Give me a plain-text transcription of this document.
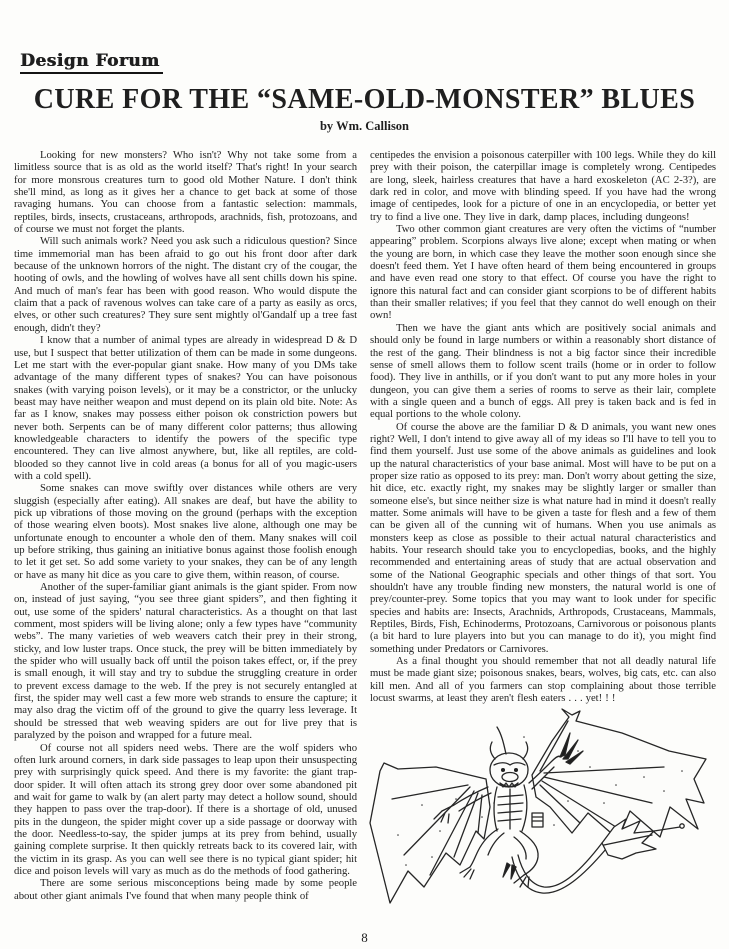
Design Forum
CURE FOR THE “SAME-OLD-MONSTER” BLUES
by Wm. Callison

Looking for new monsters? Who isn't? Why not take some from a limitless source that is as old as the world itself? That's right! In your search for more monsrous creatures turn to good old Mother Nature. I don't think she'll mind, as long as it gives her a chance to get back at some of those ravaging humans. You can choose from a fantastic selection: mammals, reptiles, birds, insects, crustaceans, arthropods, arachnids, fish, protozoans, and of course we must not forget the plants.

Will such animals work? Need you ask such a ridiculous question? Since time immemorial man has been afraid to go out his front door after dark because of the unknown horrors of the night. The distant cry of the cougar, the hooting of owls, and the howling of wolves have all sent chills down his spine. And much of man's fear has been with good reason. Who would dispute the claim that a pack of ravenous wolves can take care of a party as easily as orcs, elves, or other such creatures? They sure sent mightly ol'Gandalf up a tree fast enough, didn't they?

I know that a number of animal types are already in widespread D & D use, but I suspect that better utilization of them can be made in some dungeons. Let me start with the ever-popular giant snake. How many of you DMs take advantage of the many different types of snakes? You can have poisonous snakes (with varying poison levels), or it may be a constrictor, or the unlucky beast may have neither weapon and must depend on its plain old bite. Note: As far as I know, snakes may possess either poison ok constriction powers but never both. Serpents can be of many different color patterns; thus allowing knowledgeable characters to identify the powers of the specific type encountered. They can live almost anywhere, but, like all reptiles, are cold-blooded so they cannot live in cold areas (a bonus for all of you magic-users with a cold spell).

Some snakes can move swiftly over distances while others are very sluggish (especially after eating). All snakes are deaf, but have the ability to pick up vibrations of those moving on the ground (perhaps with the exception of those wearing elven boots). Most snakes live alone, although one may be unfortunate enough to encounter a whole den of them. Many snakes will coil up before striking, thus gaining an initiative bonus against those foolish enough to let it get set. So add some variety to your snakes, they can be of any length or have as many hit dice as you care to give them, within reason, of course.

Another of the super-familiar giant animals is the giant spider. From now on, instead of just saying, “you see three giant spiders”, and then fighting it out, use some of the spiders' natural characteristics. As a thought on that last comment, most spiders will be living alone; only a few types have “community webs”. The many varieties of web weavers catch their prey in their strong, sticky, and low luster traps. Once stuck, the prey will be bitten immediately by the spider who will usually back off until the poison takes effect, or, if the prey is small enough, it will stay and try to subdue the struggling creature in order to prevent excess damage to the web. If the prey is not securely entangled at first, the spider may well cast a few more web strands to ensure the capture; it may also drag the victim off of the ground to give the quarry less leverage. It should be stressed that web weaving spiders are out for live prey that is paralyzed by the poison and wrapped for a future meal.

Of course not all spiders need webs. There are the wolf spiders who often lurk around corners, in dark side passages to leap upon their unsuspecting prey with surprisingly quick speed. And there is my favorite: the giant trap-door spider. It will often attach its strong grey door over some abandoned pit and wait for game to walk by (an alert party may detect a hollow sound, should they happen to pass over the trap-door). If there is a shortage of old, unused pits in the dungeon, the spider might cover up a side passage or doorway with the door. Needless-to-say, the spider jumps at its prey from behind, usually gaining complete surprise. It then quickly retreats back to its covered lair, with the victim in its grasp. As you can well see there is no typical giant spider; hit dice and poison levels will vary as much as do the methods of food gathering.

There are some serious misconceptions being made by some people about other giant animals I've found that when many people think of

centipedes the envision a poisonous caterpiller with 100 legs. While they do kill prey with their poison, the caterpillar image is completely wrong. Centipedes are long, sleek, hairless creatures that have a hard exoskeleton (AC 2-3?), are dark red in color, and move with blinding speed. If you have had the wrong image of centipedes, look for a picture of one in an encyclopedia, or better yet try to find a live one. They live in dark, damp places, including dungeons!

Two other common giant creatures are very often the victims of “number appearing” problem. Scorpions always live alone; except when mating or when the young are born, in which case they leave the mother soon enough since she doesn't feed them. Yet I have often heard of them being encountered in groups and have even read one story to that effect. Of course you have the right to ignore this natural fact and can consider giant scorpions to be of different habits than their smaller relatives; if you feel that they cannot do well enough on their own!

Then we have the giant ants which are positively social animals and should only be found in large numbers or within a reasonably short distance of the rest of the gang. Their blindness is not a big factor since their incredible sense of smell allows them to follow scent trails (home or in order to follow food). They live in anthills, or if you don't want to put any more holes in your dungeon, you can give them a series of rooms to serve as their lair, complete with a single queen and a bunch of eggs. All prey is taken back and is fed in equal portions to the whole colony.

Of course the above are the familiar D & D animals, you want new ones right? Well, I don't intend to give away all of my ideas so I'll have to tell you to find them yourself. Just use some of the above animals as guidelines and look up the natural characteristics of your base animal. Most will have to be put on a proper size ratio as opposed to its prey: man. Don't worry about getting the size, hit dice, etc. exactly right, my snakes may be slightly larger or smaller than someone else's, but since neither size is what nature had in mind it doesn't really matter. Some animals will have to be given a taste for flesh and a few of them can be given all of the cunning wit of humans. When you use animals as monsters keep as close as possible to their actual natural characteristics and habits. Your research should take you to encyclopedias, books, and the highly recommended and entertaining areas of study that are actual observation and some of the National Geographic specials and other things of that sort. You shouldn't have any trouble finding new monsters, the natural world is one of prey/counter-prey. Some topics that you may want to look under for specific species and habits are: Insects, Arachnids, Arthropods, Crustaceans, Mammals, Reptiles, Birds, Fish, Echinoderms, Protozoans, Carnivorous or poisonous plants (a bit hard to lure players into but you can manage to do it), you might find something under Predators or Carnivores.

As a final thought you should remember that not all deadly natural life must be made giant size; poisonous snakes, bears, wolves, big cats, etc. can also kill men. And all of you farmers can stop complaining about those terrible locust swarms, at least they aren't flesh eaters . . . yet! ! !

8
